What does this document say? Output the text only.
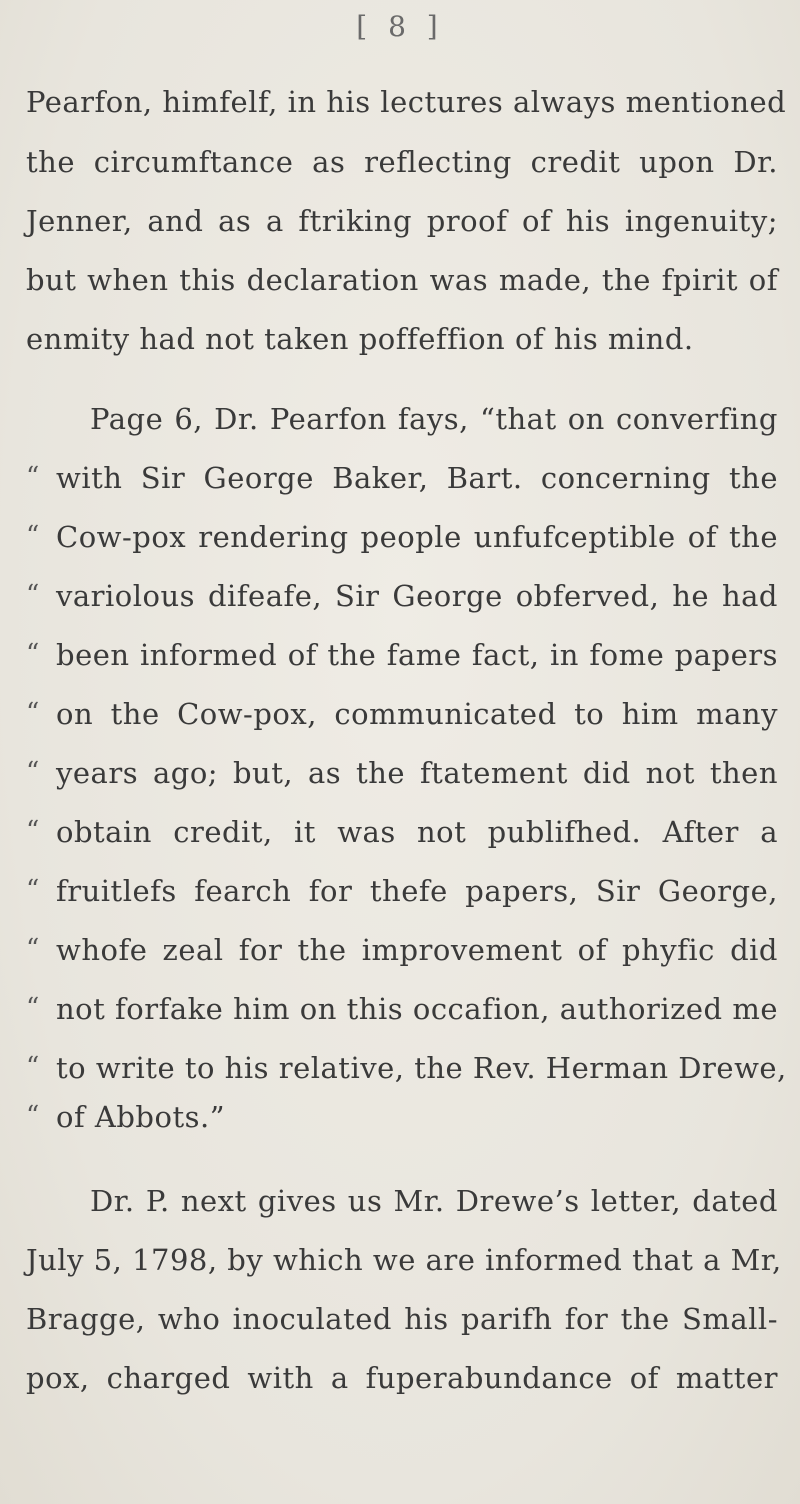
[ 8 ]
Pearfon, himfelf, in his lectures always mentioned
the circumftance as reflecting credit upon Dr.
Jenner, and as a ftriking proof of his ingenuity;
but when this declaration was made, the fpirit of
enmity had not taken poffeffion of his mind.
Page 6, Dr. Pearfon fays, “that on converfing
“ with Sir George Baker, Bart. concerning the
“ Cow-pox rendering people unfufceptible of the
“ variolous difeafe, Sir George obferved, he had
“ been informed of the fame fact, in fome papers
“ on the Cow-pox, communicated to him many
“ years ago; but, as the ftatement did not then
“ obtain credit, it was not publifhed. After a
“ fruitlefs fearch for thefe papers, Sir George,
“ whofe zeal for the improvement of phyfic did
“ not forfake him on this occafion, authorized me
“ to write to his relative, the Rev. Herman Drewe,
“ of Abbots.”
Dr. P. next gives us Mr. Drewe’s letter, dated
July 5, 1798, by which we are informed that a Mr,
Bragge, who inoculated his parifh for the Small-
pox, charged with a fuperabundance of matter
